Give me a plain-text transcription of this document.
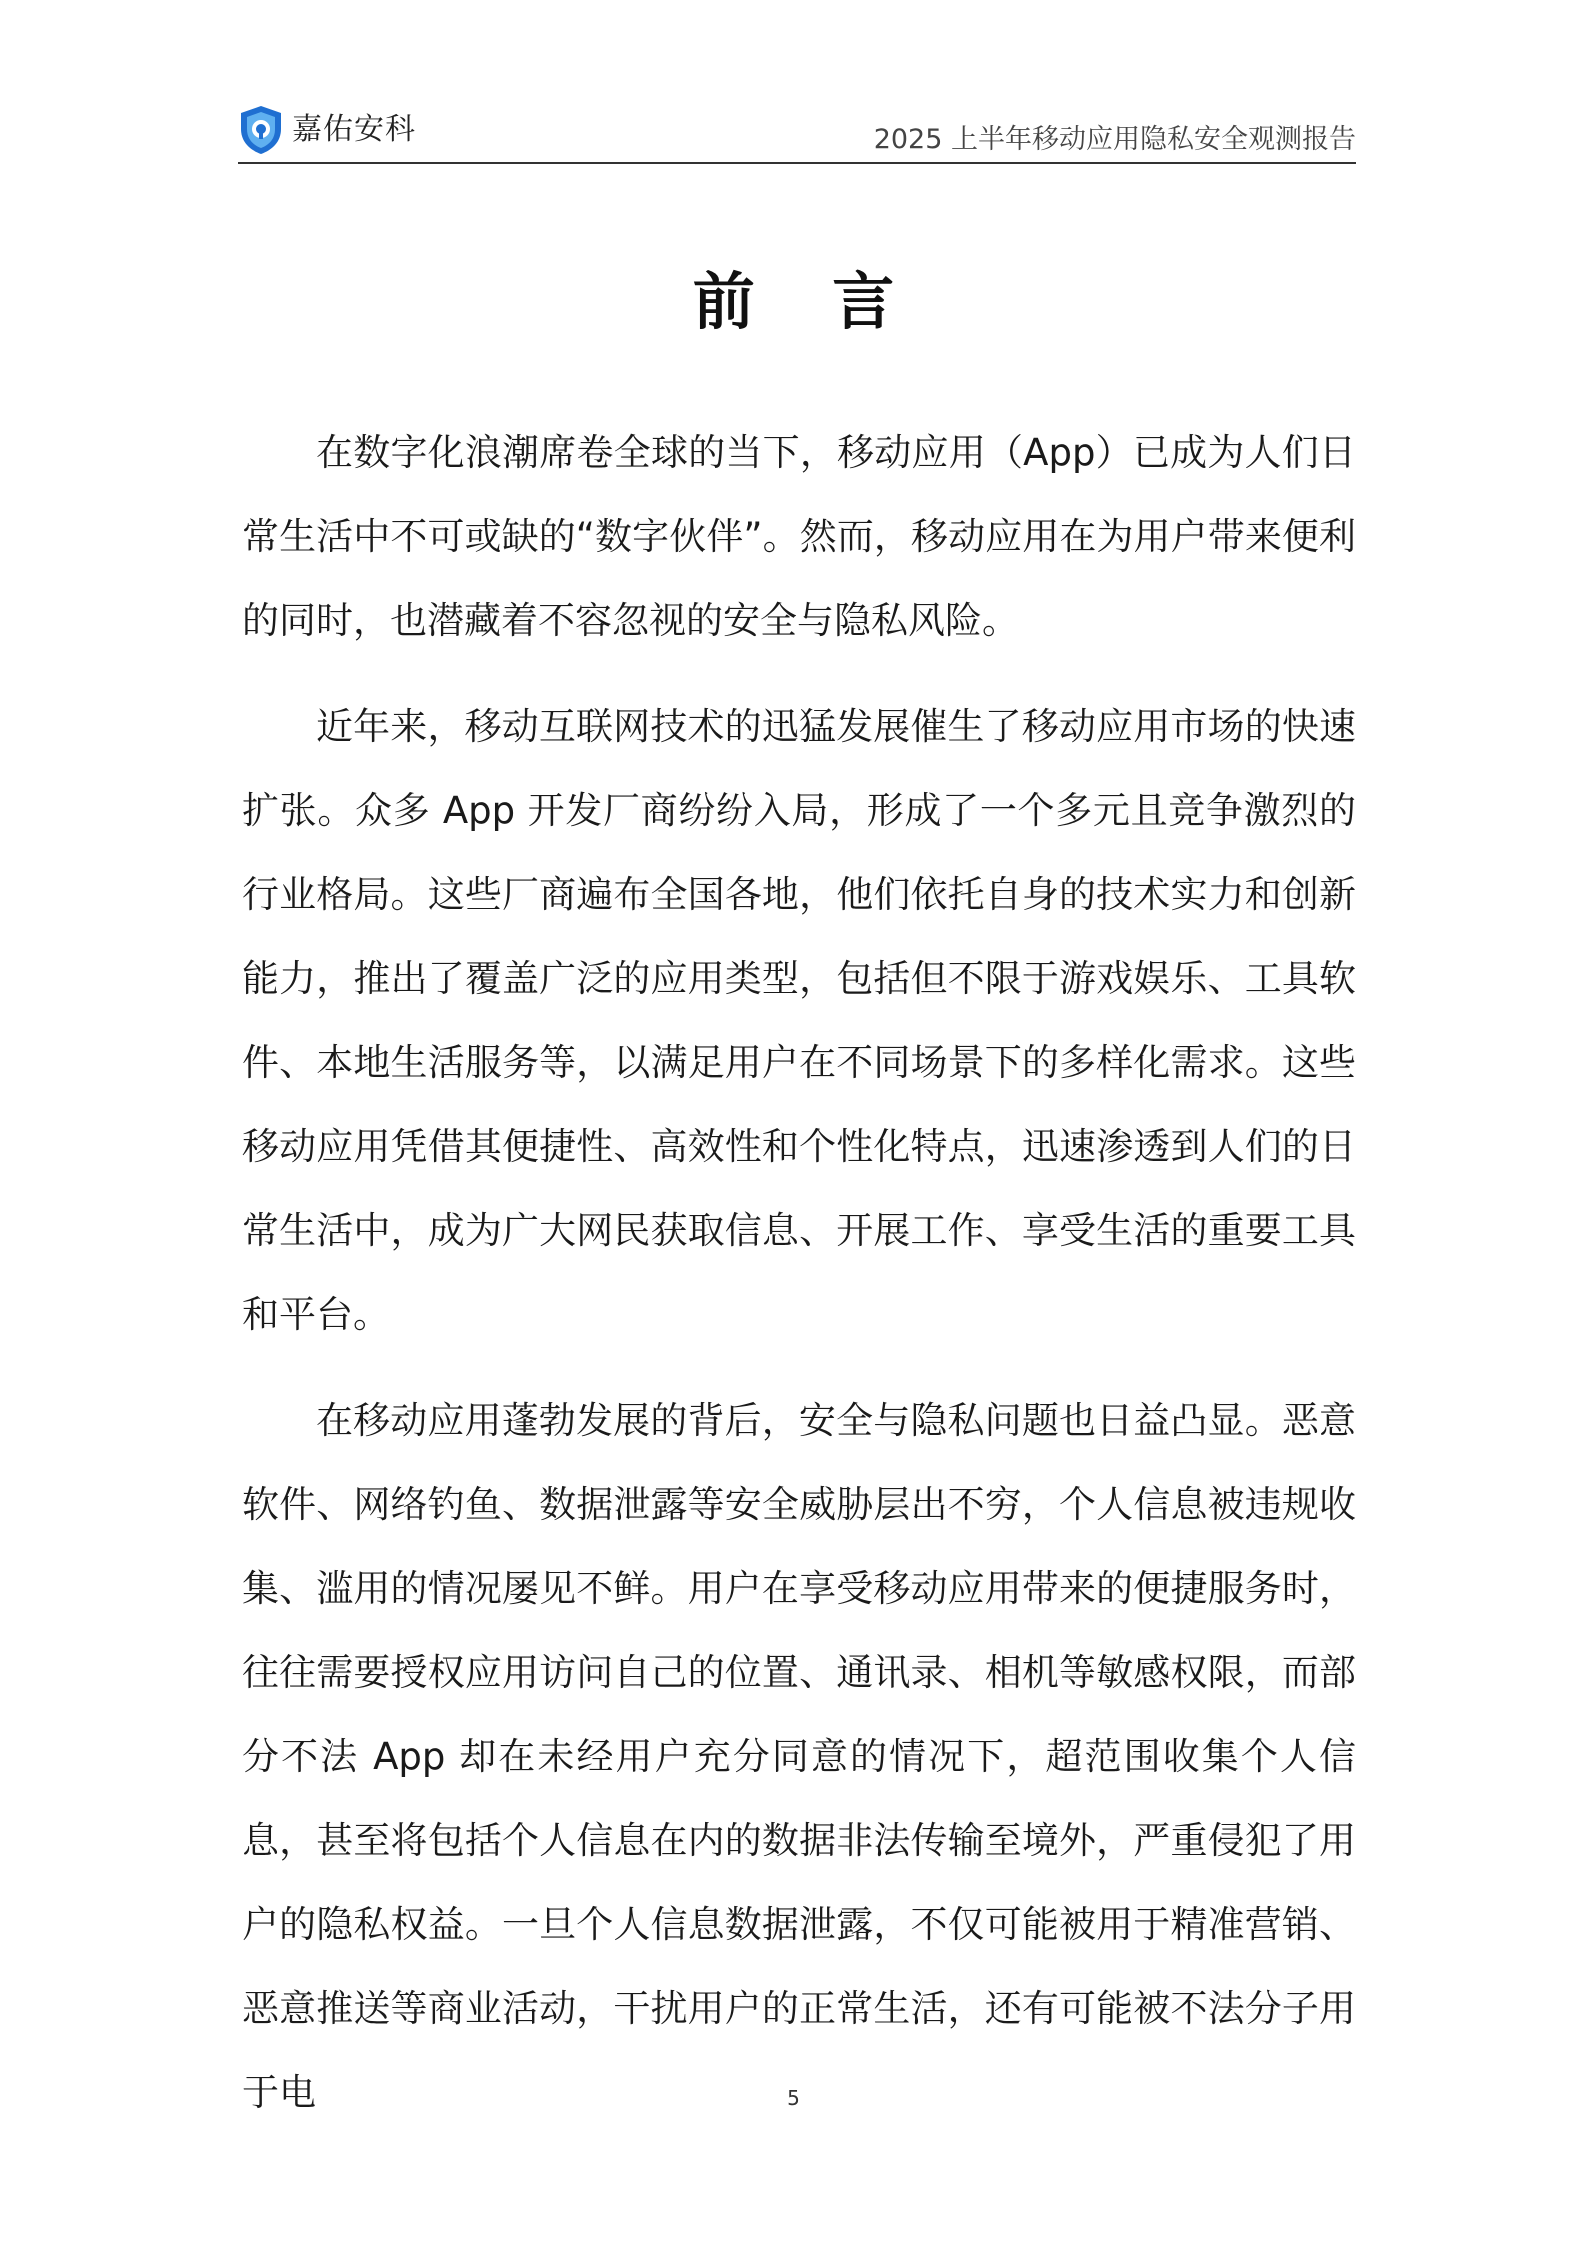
嘉佑安科	2025 上半年移动应用隐私安全观测报告
前 言

在数字化浪潮席卷全球的当下，移动应用（App）已成为人们日常生活中不可或缺的“数字伙伴”。然而，移动应用在为用户带来便利的同时，也潜藏着不容忽视的安全与隐私风险。

近年来，移动互联网技术的迅猛发展催生了移动应用市场的快速扩张。众多 App 开发厂商纷纷入局，形成了一个多元且竞争激烈的行业格局。这些厂商遍布全国各地，他们依托自身的技术实力和创新能力，推出了覆盖广泛的应用类型，包括但不限于游戏娱乐、工具软件、本地生活服务等，以满足用户在不同场景下的多样化需求。这些移动应用凭借其便捷性、高效性和个性化特点，迅速渗透到人们的日常生活中，成为广大网民获取信息、开展工作、享受生活的重要工具和平台。

在移动应用蓬勃发展的背后，安全与隐私问题也日益凸显。恶意软件、网络钓鱼、数据泄露等安全威胁层出不穷，个人信息被违规收集、滥用的情况屡见不鲜。用户在享受移动应用带来的便捷服务时，往往需要授权应用访问自己的位置、通讯录、相机等敏感权限，而部分不法 App 却在未经用户充分同意的情况下，超范围收集个人信息，甚至将包括个人信息在内的数据非法传输至境外，严重侵犯了用户的隐私权益。一旦个人信息数据泄露，不仅可能被用于精准营销、恶意推送等商业活动，干扰用户的正常生活，还有可能被不法分子用于电	5
